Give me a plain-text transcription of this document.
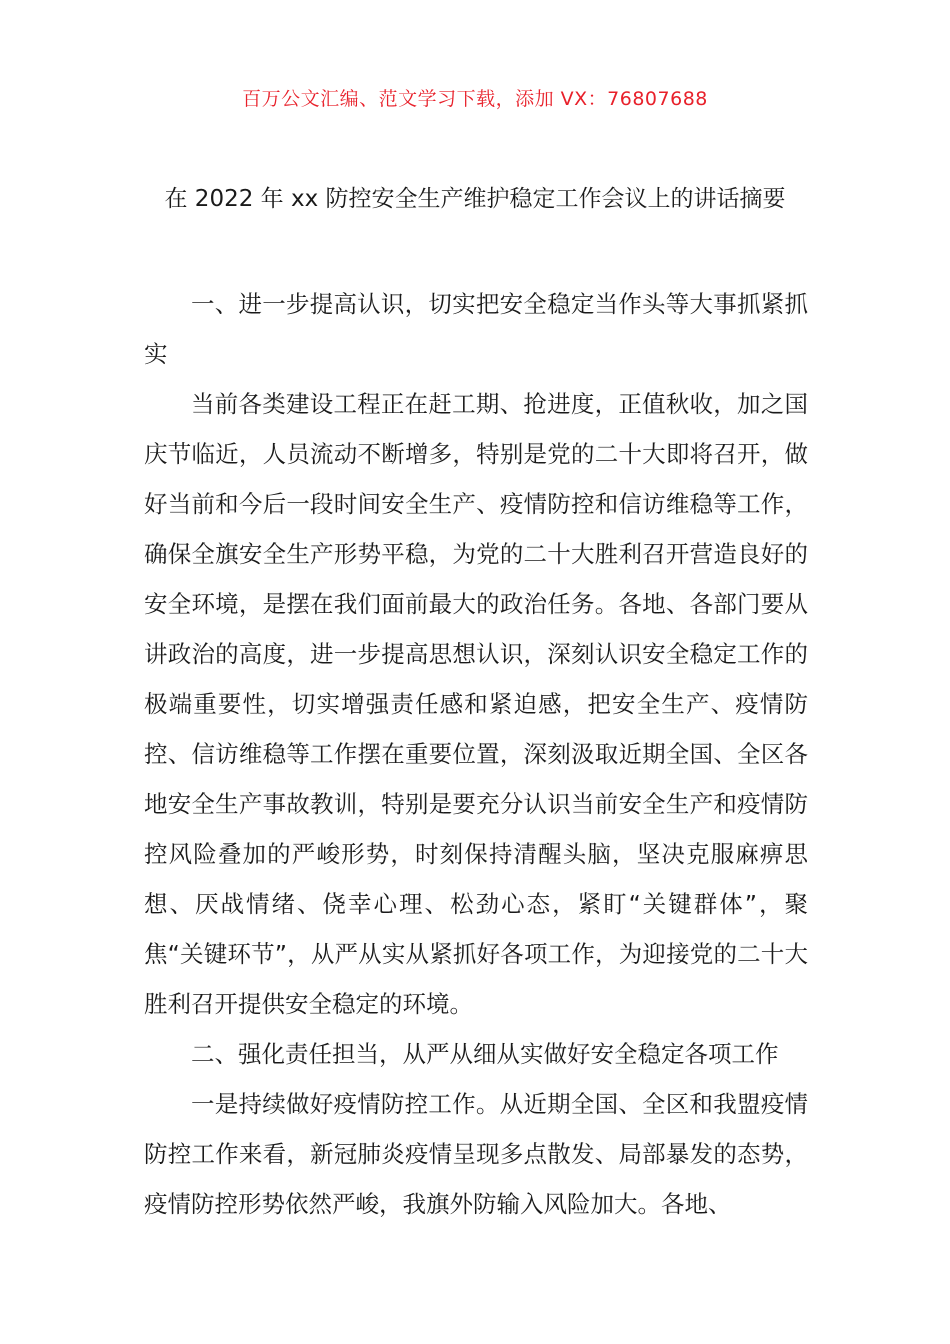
百万公文汇编、范文学习下载，添加 VX：76807688
在 2022 年 xx 防控安全生产维护稳定工作会议上的讲话摘要

一、进一步提高认识，切实把安全稳定当作头等大事抓紧抓实

当前各类建设工程正在赶工期、抢进度，正值秋收，加之国庆节临近，人员流动不断增多，特别是党的二十大即将召开，做好当前和今后一段时间安全生产、疫情防控和信访维稳等工作，确保全旗安全生产形势平稳，为党的二十大胜利召开营造良好的安全环境，是摆在我们面前最大的政治任务。各地、各部门要从讲政治的高度，进一步提高思想认识，深刻认识安全稳定工作的极端重要性，切实增强责任感和紧迫感，把安全生产、疫情防控、信访维稳等工作摆在重要位置，深刻汲取近期全国、全区各地安全生产事故教训，特别是要充分认识当前安全生产和疫情防控风险叠加的严峻形势，时刻保持清醒头脑，坚决克服麻痹思想、厌战情绪、侥幸心理、松劲心态，紧盯“关键群体”，聚焦“关键环节”，从严从实从紧抓好各项工作，为迎接党的二十大胜利召开提供安全稳定的环境。

二、强化责任担当，从严从细从实做好安全稳定各项工作

一是持续做好疫情防控工作。从近期全国、全区和我盟疫情防控工作来看，新冠肺炎疫情呈现多点散发、局部暴发的态势，疫情防控形势依然严峻，我旗外防输入风险加大。各地、
